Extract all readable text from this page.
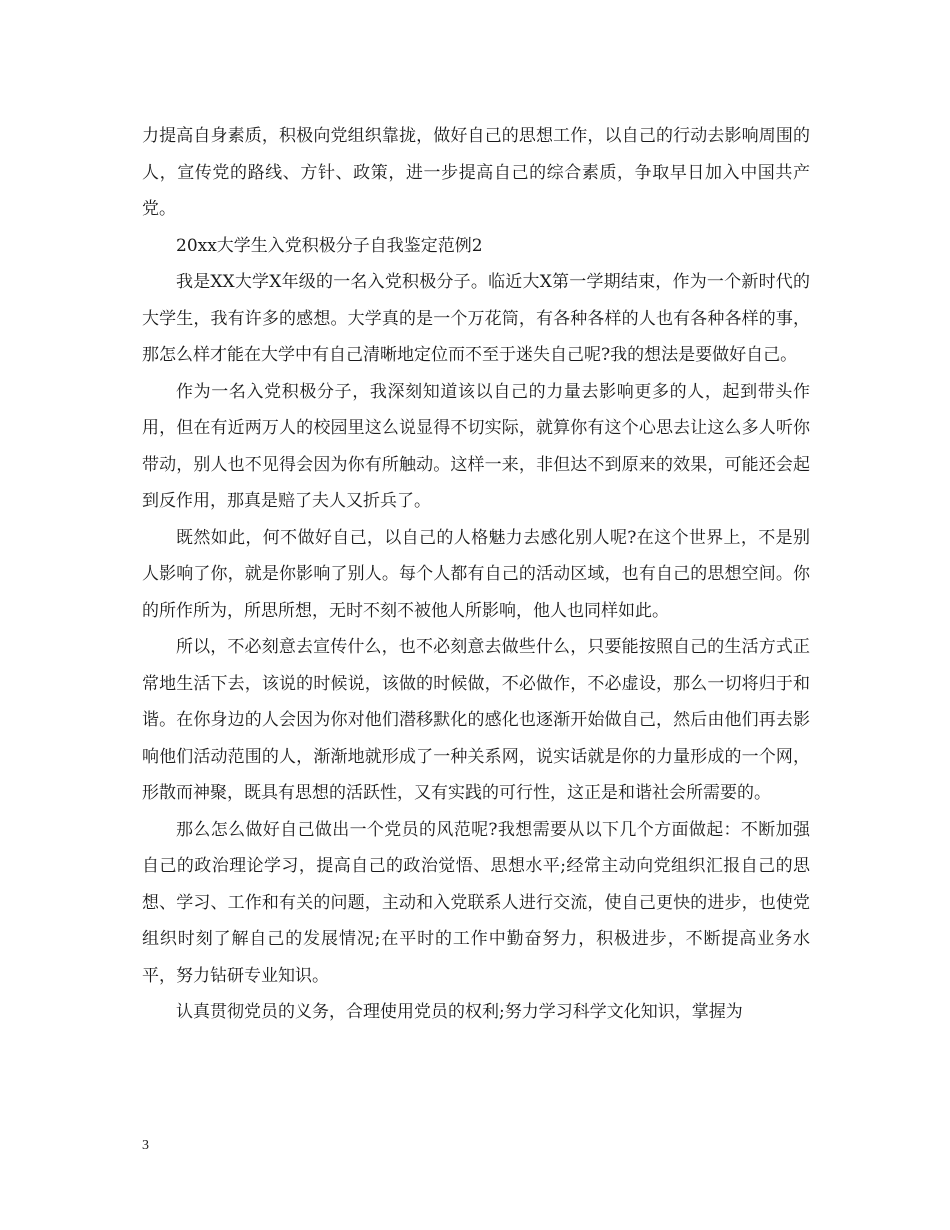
力提高自身素质，积极向党组织靠拢，做好自己的思想工作，以自己的行动去影响周围的人，宣传党的路线、方针、政策，进一步提高自己的综合素质，争取早日加入中国共产党。

20xx大学生入党积极分子自我鉴定范例2

我是XX大学X年级的一名入党积极分子。临近大X第一学期结束，作为一个新时代的大学生，我有许多的感想。大学真的是一个万花筒，有各种各样的人也有各种各样的事，那怎么样才能在大学中有自己清晰地定位而不至于迷失自己呢?我的想法是要做好自己。

作为一名入党积极分子，我深刻知道该以自己的力量去影响更多的人，起到带头作用，但在有近两万人的校园里这么说显得不切实际，就算你有这个心思去让这么多人听你带动，别人也不见得会因为你有所触动。这样一来，非但达不到原来的效果，可能还会起到反作用，那真是赔了夫人又折兵了。

既然如此，何不做好自己，以自己的人格魅力去感化别人呢?在这个世界上，不是别人影响了你，就是你影响了别人。每个人都有自己的活动区域，也有自己的思想空间。你的所作所为，所思所想，无时不刻不被他人所影响，他人也同样如此。

所以，不必刻意去宣传什么，也不必刻意去做些什么，只要能按照自己的生活方式正常地生活下去，该说的时候说，该做的时候做，不必做作，不必虚设，那么一切将归于和谐。在你身边的人会因为你对他们潜移默化的感化也逐渐开始做自己，然后由他们再去影响他们活动范围的人，渐渐地就形成了一种关系网，说实话就是你的力量形成的一个网，形散而神聚，既具有思想的活跃性，又有实践的可行性，这正是和谐社会所需要的。

那么怎么做好自己做出一个党员的风范呢?我想需要从以下几个方面做起：不断加强自己的政治理论学习，提高自己的政治觉悟、思想水平;经常主动向党组织汇报自己的思想、学习、工作和有关的问题，主动和入党联系人进行交流，使自己更快的进步，也使党组织时刻了解自己的发展情况;在平时的工作中勤奋努力，积极进步，不断提高业务水平，努力钻研专业知识。

认真贯彻党员的义务，合理使用党员的权利;努力学习科学文化知识，掌握为

3
